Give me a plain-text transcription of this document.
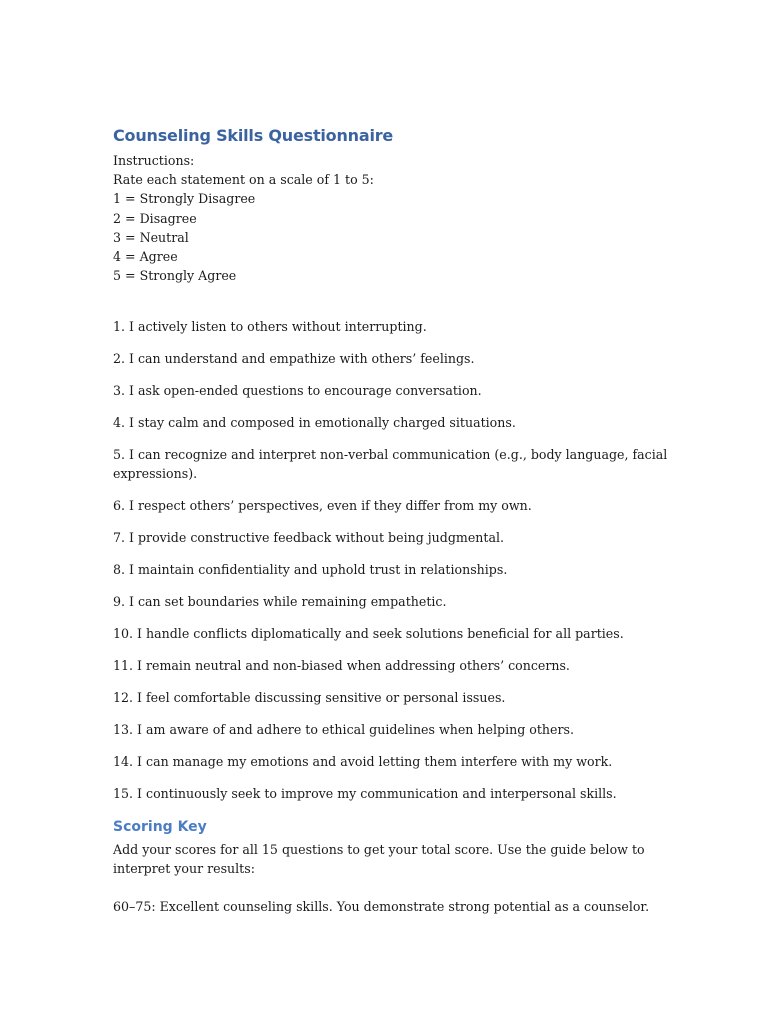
Counseling Skills Questionnaire
Instructions:
Rate each statement on a scale of 1 to 5:
1 = Strongly Disagree
2 = Disagree
3 = Neutral
4 = Agree
5 = Strongly Agree
1. I actively listen to others without interrupting.
2. I can understand and empathize with others’ feelings.
3. I ask open-ended questions to encourage conversation.
4. I stay calm and composed in emotionally charged situations.
5. I can recognize and interpret non-verbal communication (e.g., body language, facial expressions).
6. I respect others’ perspectives, even if they differ from my own.
7. I provide constructive feedback without being judgmental.
8. I maintain confidentiality and uphold trust in relationships.
9. I can set boundaries while remaining empathetic.
10. I handle conflicts diplomatically and seek solutions beneficial for all parties.
11. I remain neutral and non-biased when addressing others’ concerns.
12. I feel comfortable discussing sensitive or personal issues.
13. I am aware of and adhere to ethical guidelines when helping others.
14. I can manage my emotions and avoid letting them interfere with my work.
15. I continuously seek to improve my communication and interpersonal skills.
Scoring Key
Add your scores for all 15 questions to get your total score. Use the guide below to interpret your results:
60–75: Excellent counseling skills. You demonstrate strong potential as a counselor.
